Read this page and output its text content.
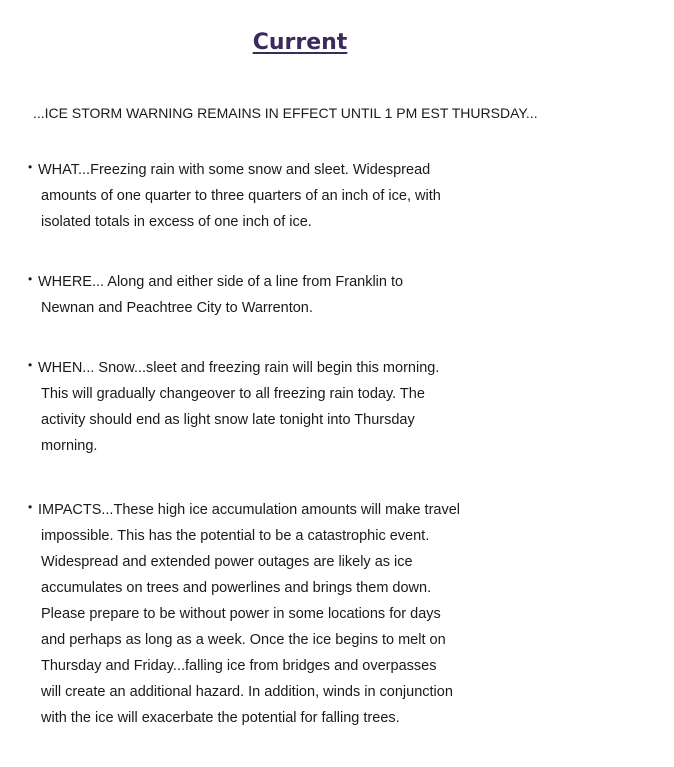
Current
...ICE STORM WARNING REMAINS IN EFFECT UNTIL 1 PM EST THURSDAY...
• WHAT...Freezing rain with some snow and sleet. Widespread
amounts of one quarter to three quarters of an inch of ice, with
isolated totals in excess of one inch of ice.
• WHERE... Along and either side of a line from Franklin to
Newnan and Peachtree City to Warrenton.
• WHEN... Snow...sleet and freezing rain will begin this morning.
This will gradually changeover to all freezing rain today. The
activity should end as light snow late tonight into Thursday
morning.
• IMPACTS...These high ice accumulation amounts will make travel
impossible. This has the potential to be a catastrophic event.
Widespread and extended power outages are likely as ice
accumulates on trees and powerlines and brings them down.
Please prepare to be without power in some locations for days
and perhaps as long as a week. Once the ice begins to melt on
Thursday and Friday...falling ice from bridges and overpasses
will create an additional hazard. In addition, winds in conjunction
with the ice will exacerbate the potential for falling trees.
